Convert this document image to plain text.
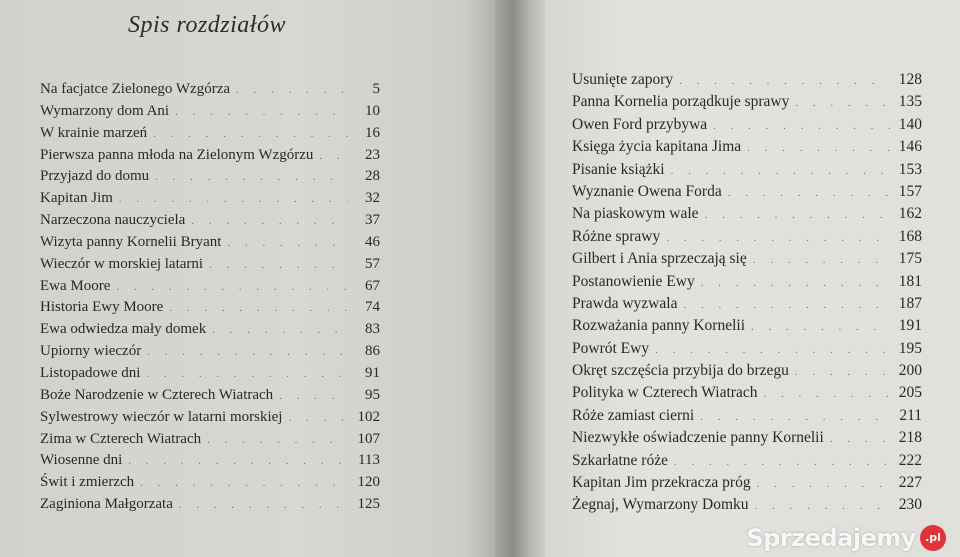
Spis rozdziałów
Na facjatce Zielonego Wzgórza . . .	5
Wymarzony dom Ani . . .	10
W krainie marzeń . . .	16
Pierwsza panna młoda na Zielonym Wzgórzu . . .	23
Przyjazd do domu . . .	28
Kapitan Jim . . .	32
Narzeczona nauczyciela . . .	37
Wizyta panny Kornelii Bryant . . .	46
Wieczór w morskiej latarni . . .	57
Ewa Moore . . .	67
Historia Ewy Moore . . .	74
Ewa odwiedza mały domek . . .	83
Upiorny wieczór . . .	86
Listopadowe dni . . .	91
Boże Narodzenie w Czterech Wiatrach . . .	95
Sylwestrowy wieczór w latarni morskiej . . .	102
Zima w Czterech Wiatrach . . .	107
Wiosenne dni . . .	113
Świt i zmierzch . . .	120
Zaginiona Małgorzata . . .	125
Usunięte zapory . . .	128
Panna Kornelia porządkuje sprawy . . .	135
Owen Ford przybywa . . .	140
Księga życia kapitana Jima . . .	146
Pisanie książki . . .	153
Wyznanie Owena Forda . . .	157
Na piaskowym wale . . .	162
Różne sprawy . . .	168
Gilbert i Ania sprzeczają się . . .	175
Postanowienie Ewy . . .	181
Prawda wyzwala . . .	187
Rozważania panny Kornelii . . .	191
Powrót Ewy . . .	195
Okręt szczęścia przybija do brzegu . . .	200
Polityka w Czterech Wiatrach . . .	205
Róże zamiast cierni . . .	211
Niezwykłe oświadczenie panny Kornelii . . .	218
Szkarłatne róże . . .	222
Kapitan Jim przekracza próg . . .	227
Żegnaj, Wymarzony Domku . . .	230
Sprzedajemy .pl
